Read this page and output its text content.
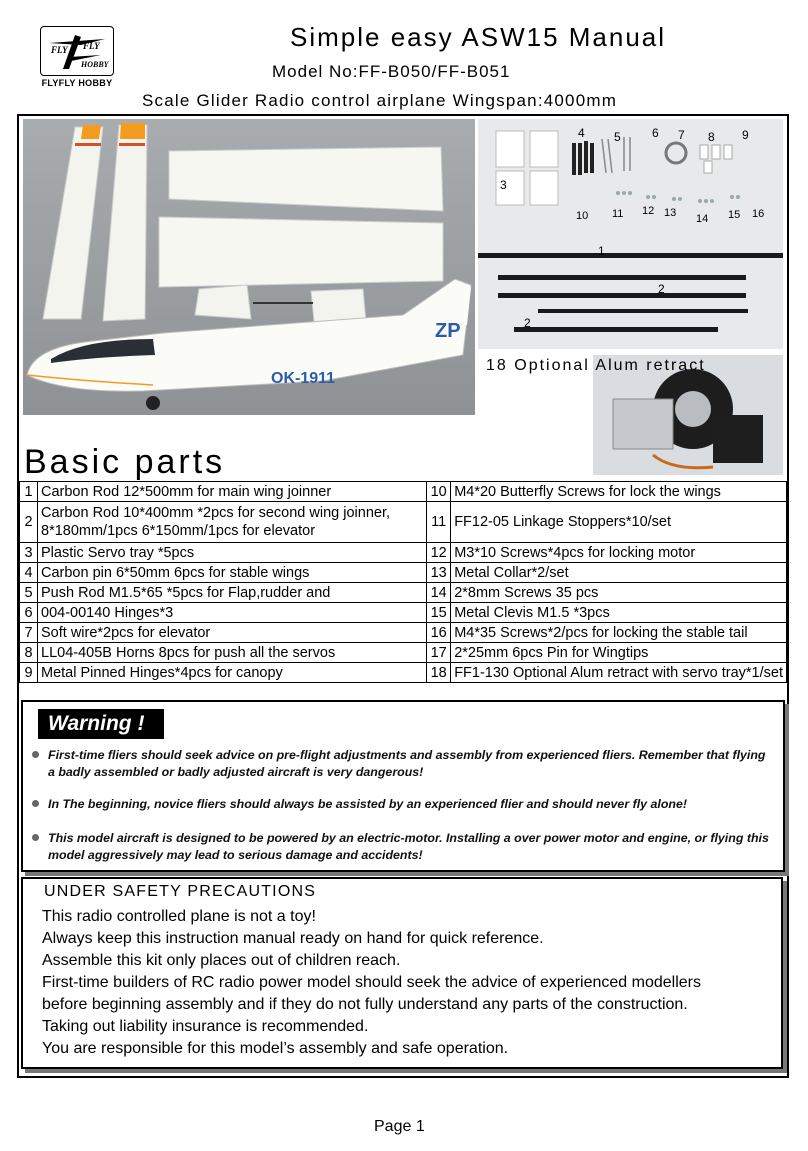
FLY FLY
HOBBY
FLYFLY HOBBY
Simple easy ASW15 Manual
Model No:FF-B050/FF-B051
Scale Glider Radio control airplane Wingspan:4000mm
ZP
OK-1911
1
2
2
3
4 5	6 7 8 9
10 11 12 13 14 15 16
18 Optional Alum retract
Basic parts
1	Carbon Rod 12*500mm for main wing joinner	10	M4*20 Butterfly Screws for lock the wings
2	Carbon Rod 10*400mm *2pcs for second wing joinner, 8*180mm/1pcs 6*150mm/1pcs for elevator	11	FF12-05 Linkage Stoppers*10/set
3	Plastic Servo tray *5pcs	12	M3*10 Screws*4pcs for locking motor
4	Carbon pin 6*50mm 6pcs for stable wings	13	Metal Collar*2/set
5	Push Rod M1.5*65 *5pcs for Flap,rudder and	14	2*8mm Screws 35 pcs
6	004-00140 Hinges*3	15	Metal Clevis M1.5 *3pcs
7	Soft wire*2pcs for elevator	16	M4*35 Screws*2/pcs for locking the stable tail
8	LL04-405B Horns 8pcs for push all the servos	17	2*25mm 6pcs Pin for Wingtips
9	Metal Pinned Hinges*4pcs for canopy	18	FF1-130 Optional Alum retract with servo tray*1/set
Warning !
First-time fliers should seek advice on pre-flight adjustments and assembly from experienced fliers. Remember that flying a badly assembled or badly adjusted aircraft is very dangerous!
In The beginning, novice fliers should always be assisted by an experienced flier and should never fly alone!
This model aircraft is designed to be powered by an electric-motor. Installing a over power motor and engine, or flying this model aggressively may lead to serious damage and accidents!
UNDER SAFETY PRECAUTIONS
This radio controlled plane is not a toy!
Always keep this instruction manual ready on hand for quick reference.
Assemble this kit only places out of children reach.
First-time builders of RC radio power model should seek the advice of experienced modellers
before beginning assembly and if they do not fully understand any parts of the construction.
Taking out liability insurance is recommended.
You are responsible for this model’s assembly and safe operation.
Page 1
